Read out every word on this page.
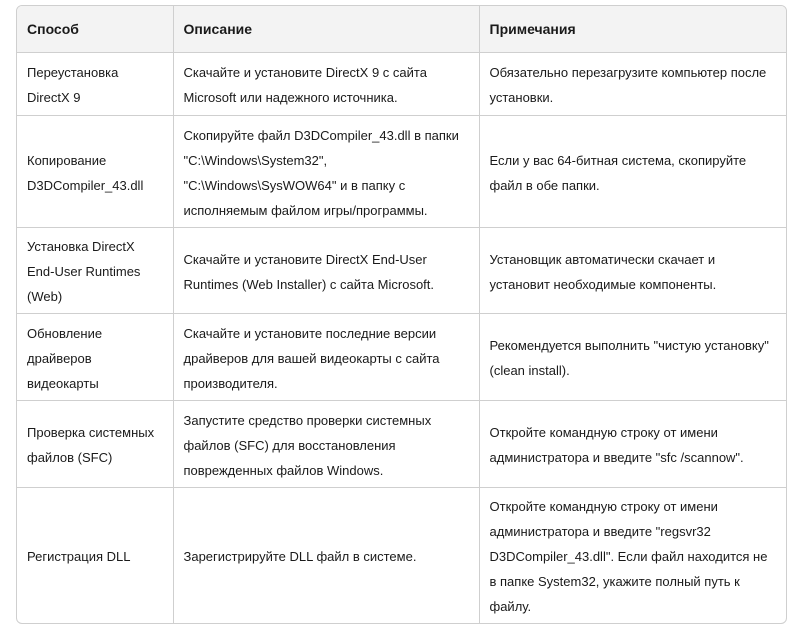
Способ	Описание	Примечания
Переустановка DirectX 9	Скачайте и установите DirectX 9 с сайта Microsoft или надежного источника.	Обязательно перезагрузите компьютер после установки.
Копирование D3DCompiler_43.dll	Скопируйте файл D3DCompiler_43.dll в папки "C:\Windows\System32", "C:\Windows\SysWOW64" и в папку с исполняемым файлом игры/программы.	Если у вас 64-битная система, скопируйте файл в обе папки.
Установка DirectX End-User Runtimes (Web)	Скачайте и установите DirectX End-User Runtimes (Web Installer) с сайта Microsoft.	Установщик автоматически скачает и установит необходимые компоненты.
Обновление драйверов видеокарты	Скачайте и установите последние версии драйверов для вашей видеокарты с сайта производителя.	Рекомендуется выполнить "чистую установку" (clean install).
Проверка системных файлов (SFC)	Запустите средство проверки системных файлов (SFC) для восстановления поврежденных файлов Windows.	Откройте командную строку от имени администратора и введите "sfc /scannow".
Регистрация DLL	Зарегистрируйте DLL файл в системе.	Откройте командную строку от имени администратора и введите "regsvr32 D3DCompiler_43.dll". Если файл находится не в папке System32, укажите полный путь к файлу.
